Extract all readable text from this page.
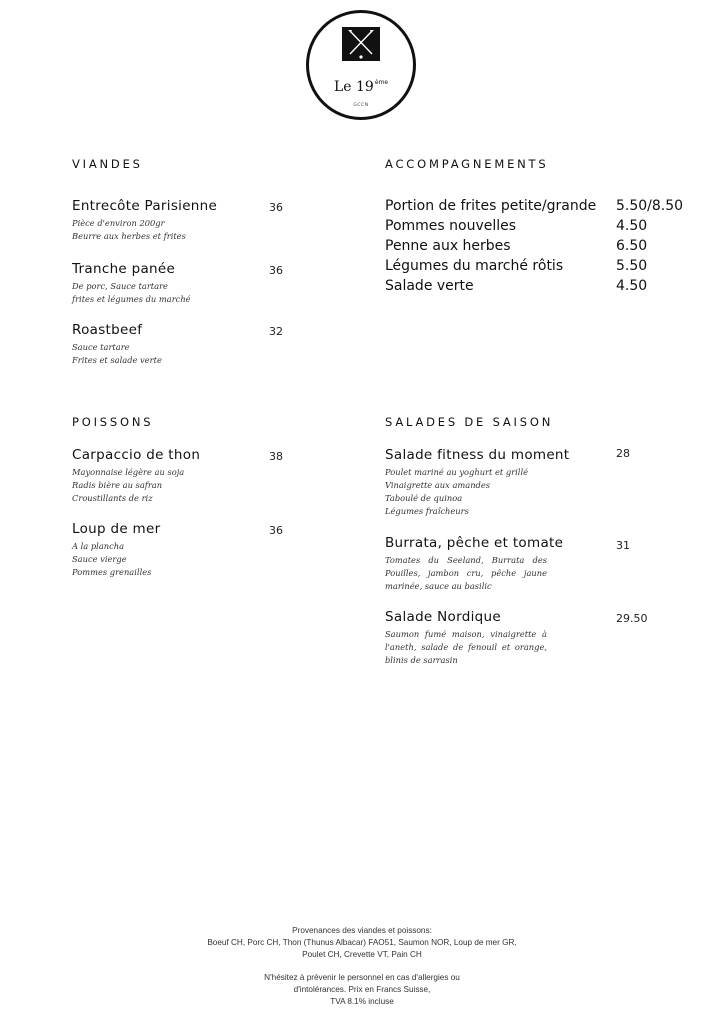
Le 19ème
GCCN
VIANDES
Entrecôte Parisienne
Pièce d'environ 200gr
Beurre aux herbes et frites
36
Tranche panée
De porc, Sauce tartare
frites et légumes du marché
36
Roastbeef
Sauce tartare
Frites et salade verte
32
ACCOMPAGNEMENTS
Portion de frites petite/grande 5.50/8.50
Pommes nouvelles	4.50
Penne aux herbes	6.50
Légumes du marché rôtis	5.50
Salade verte	4.50
POISSONS
Carpaccio de thon
Mayonnaise légère au soja
Radis bière au safran
Croustillants de riz
38
Loup de mer
A la plancha
Sauce vierge
Pommes grenailles
36
SALADES DE SAISON
Salade fitness du moment
Poulet mariné au yoghurt et grillé
Vinaigrette aux amandes
Taboulé de quinoa
Légumes fraîcheurs
28
Burrata, pêche et tomate
Tomates du Seeland, Burrata des Pouilles, jambon cru, pêche jaune marinée, sauce au basilic
31
Salade Nordique
Saumon fumé maison, vinaigrette à l'aneth, salade de fenouil et orange, blinis de sarrasin
29.50
Provenances des viandes et poissons:
Boeuf CH, Porc CH, Thon (Thunus Albacar) FAO51, Saumon NOR, Loup de mer GR,
Poulet CH, Crevette VT, Pain CH
N'hésitez à prévenir le personnel en cas d'allergies ou
d'intolérances. Prix en Francs Suisse,
TVA 8.1% incluse
